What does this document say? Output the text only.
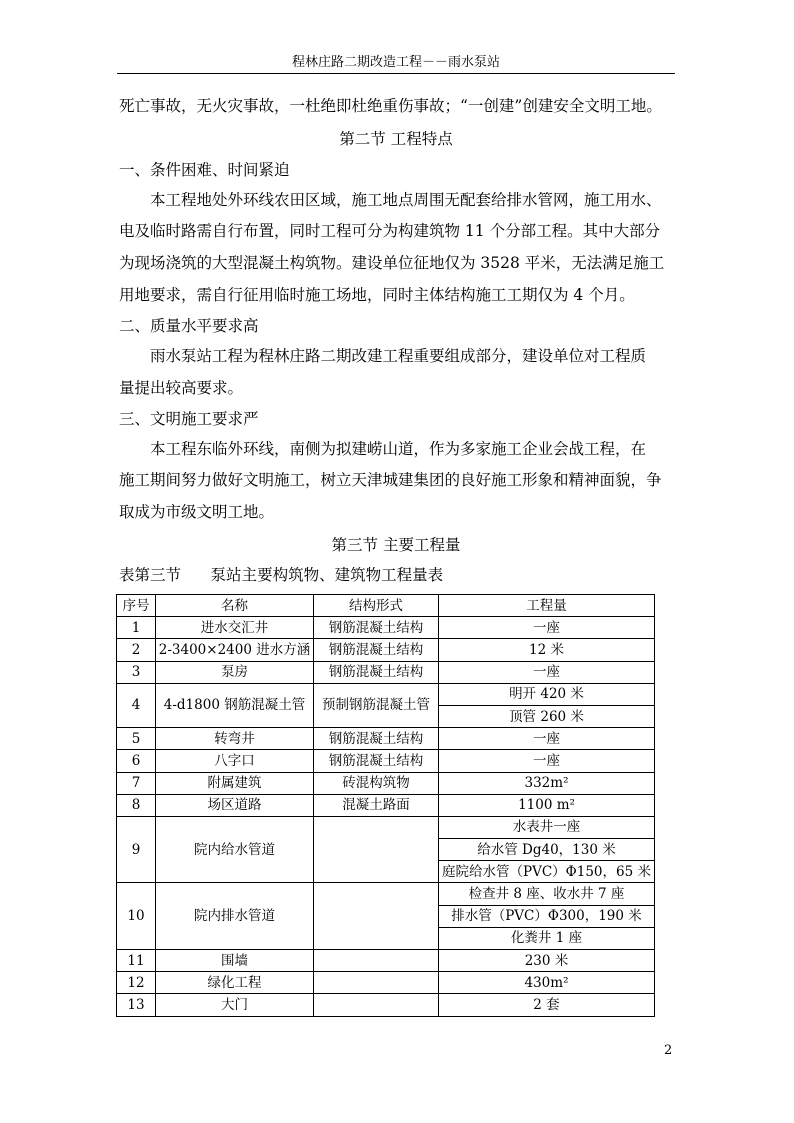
程林庄路二期改造工程－－雨水泵站
死亡事故，无火灾事故，一杜绝即杜绝重伤事故；“一创建”创建安全文明工地。
第二节 工程特点
一、条件困难、时间紧迫
本工程地处外环线农田区域，施工地点周围无配套给排水管网，施工用水、
电及临时路需自行布置，同时工程可分为构建筑物 11 个分部工程。其中大部分
为现场浇筑的大型混凝土构筑物。建设单位征地仅为 3528 平米，无法满足施工
用地要求，需自行征用临时施工场地，同时主体结构施工工期仅为 4 个月。
二、质量水平要求高
雨水泵站工程为程林庄路二期改建工程重要组成部分，建设单位对工程质
量提出较高要求。
三、文明施工要求严
本工程东临外环线，南侧为拟建崂山道，作为多家施工企业会战工程，在
施工期间努力做好文明施工，树立天津城建集团的良好施工形象和精神面貌，争
取成为市级文明工地。
第三节 主要工程量
表第三节      泵站主要构筑物、建筑物工程量表
序号	名称	结构形式	工程量
1	进水交汇井	钢筋混凝土结构	一座
2	2-3400×2400 进水方涵	钢筋混凝土结构	12 米
3	泵房	钢筋混凝土结构	一座
4	4-d1800 钢筋混凝土管	预制钢筋混凝土管	明开 420 米
			顶管 260 米
5	转弯井	钢筋混凝土结构	一座
6	八字口	钢筋混凝土结构	一座
7	附属建筑	砖混构筑物	332m²
8	场区道路	混凝土路面	1100 m²
9	院内给水管道		水表井一座
			给水管 Dg40，130 米
			庭院给水管（PVC）Φ150，65 米
10	院内排水管道		检查井 8 座、收水井 7 座
			排水管（PVC）Φ300，190 米
			化粪井 1 座
11	围墙		230 米
12	绿化工程		430m²
13	大门		2 套
2
